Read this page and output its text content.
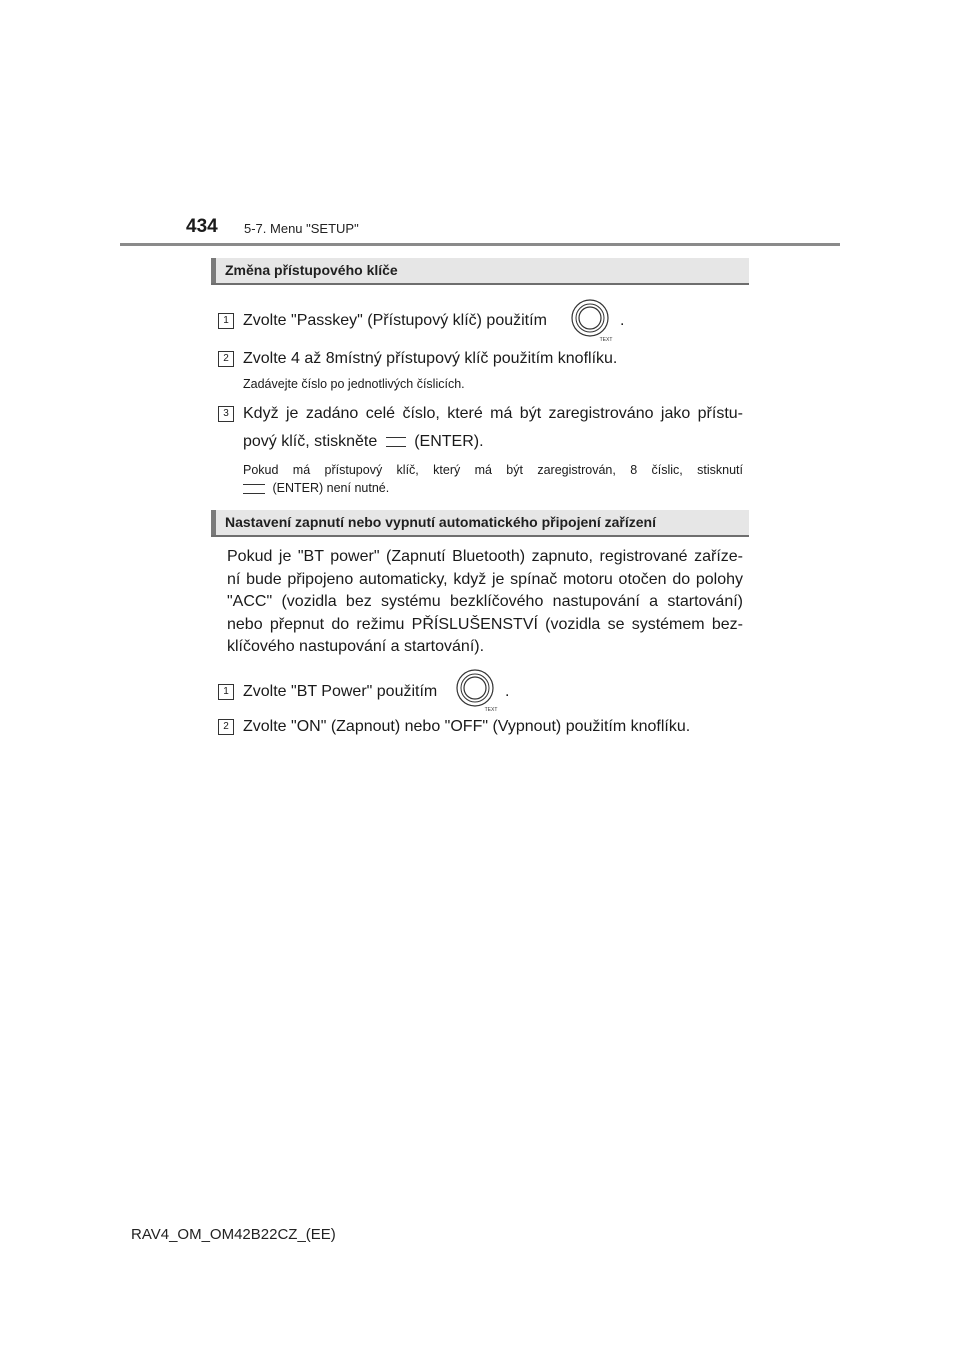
434 5-7. Menu "SETUP"
Změna přístupového klíče
1 Zvolte "Passkey" (Přístupový klíč) použitím
TEXT
.
2 Zvolte 4 až 8místný přístupový klíč použitím knoflíku.
Zadávejte číslo po jednotlivých číslicích.
3 Když je zadáno celé číslo, které má být zaregistrováno jako přístu-
pový klíč, stiskněte (ENTER).
Pokud má přístupový klíč, který má být zaregistrován, 8 číslic, stisknutí
(ENTER) není nutné.
Nastavení zapnutí nebo vypnutí automatického připojení zařízení
Pokud je "BT power" (Zapnutí Bluetooth) zapnuto, registrované zaříze-
ní bude připojeno automaticky, když je spínač motoru otočen do polohy
"ACC" (vozidla bez systému bezklíčového nastupování a startování)
nebo přepnut do režimu PŘÍSLUŠENSTVÍ (vozidla se systémem bez-
klíčového nastupování a startování).
1 Zvolte "BT Power" použitím
TEXT
.
2 Zvolte "ON" (Zapnout) nebo "OFF" (Vypnout) použitím knoflíku.
RAV4_OM_OM42B22CZ_(EE)
